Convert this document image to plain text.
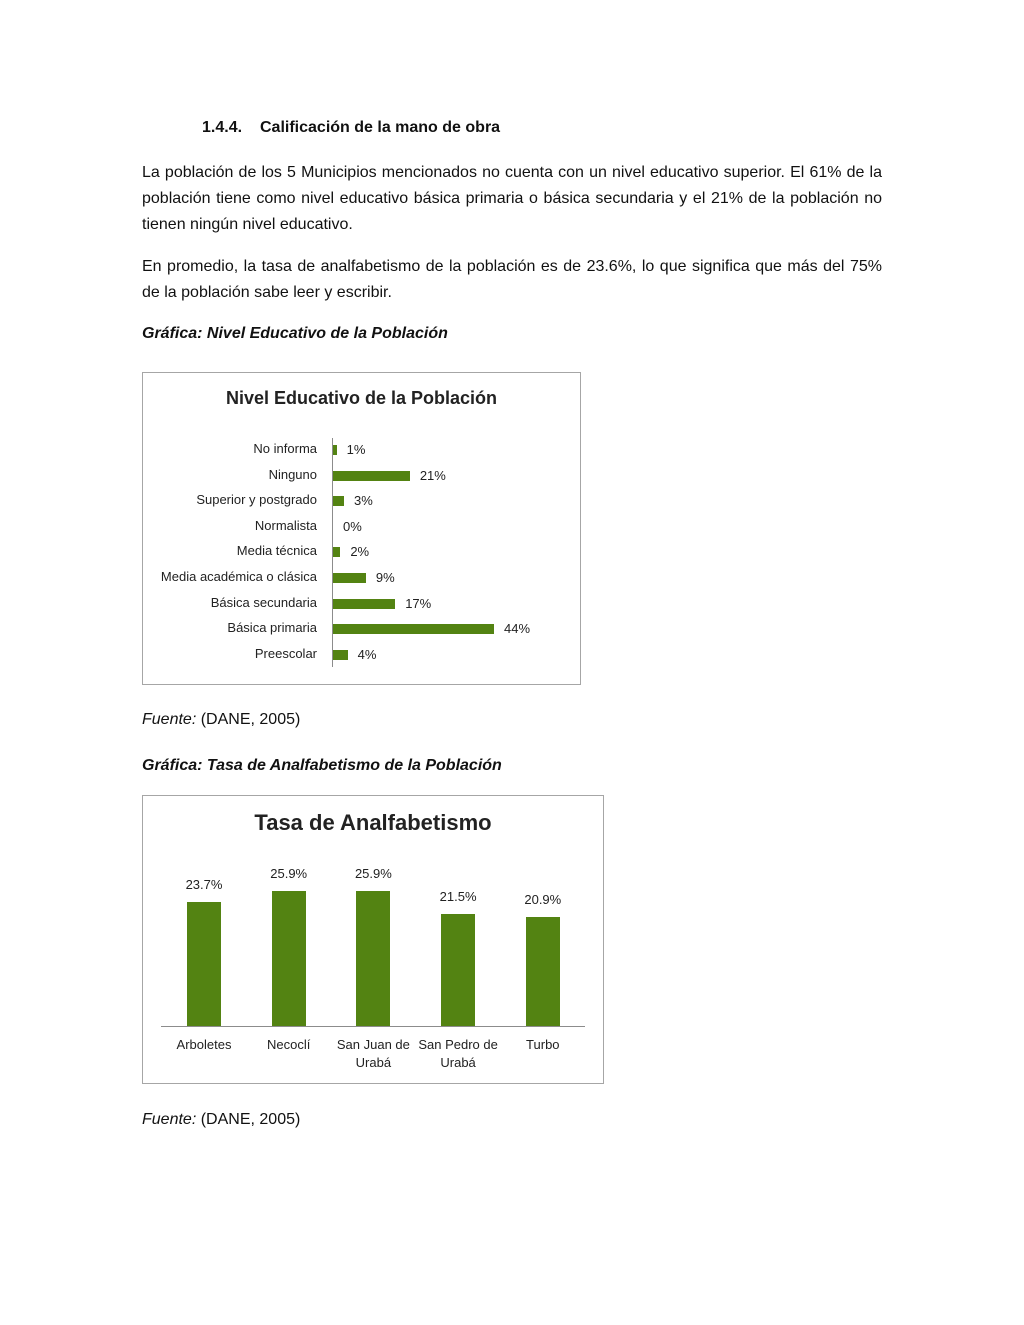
1.4.4. Calificación de la mano de obra

La población de los 5 Municipios mencionados no cuenta con un nivel educativo superior. El 61% de la población tiene como nivel educativo básica primaria o básica secundaria y el 21% de la población no tienen ningún nivel educativo.

En promedio, la tasa de analfabetismo de la población es de 23.6%, lo que significa que más del 75% de la población sabe leer y escribir.

Gráfica: Nivel Educativo de la Población
Nivel Educativo de la Población
No informa 1%
Ninguno	21%
Superior y postgrado	3%
Normalista 0%
Media técnica	2%
Media académica o clásica	9%
Básica secundaria	17%
Básica primaria	44%
Preescolar	4%
Fuente: (DANE, 2005)
Gráfica: Tasa de Analfabetismo de la Población
Tasa de Analfabetismo
23.7%
Arboletes
25.9%
Necoclí
25.9%
San Juan de Urabá
21.5%
San Pedro de Urabá
20.9%
Turbo
Fuente: (DANE, 2005)
